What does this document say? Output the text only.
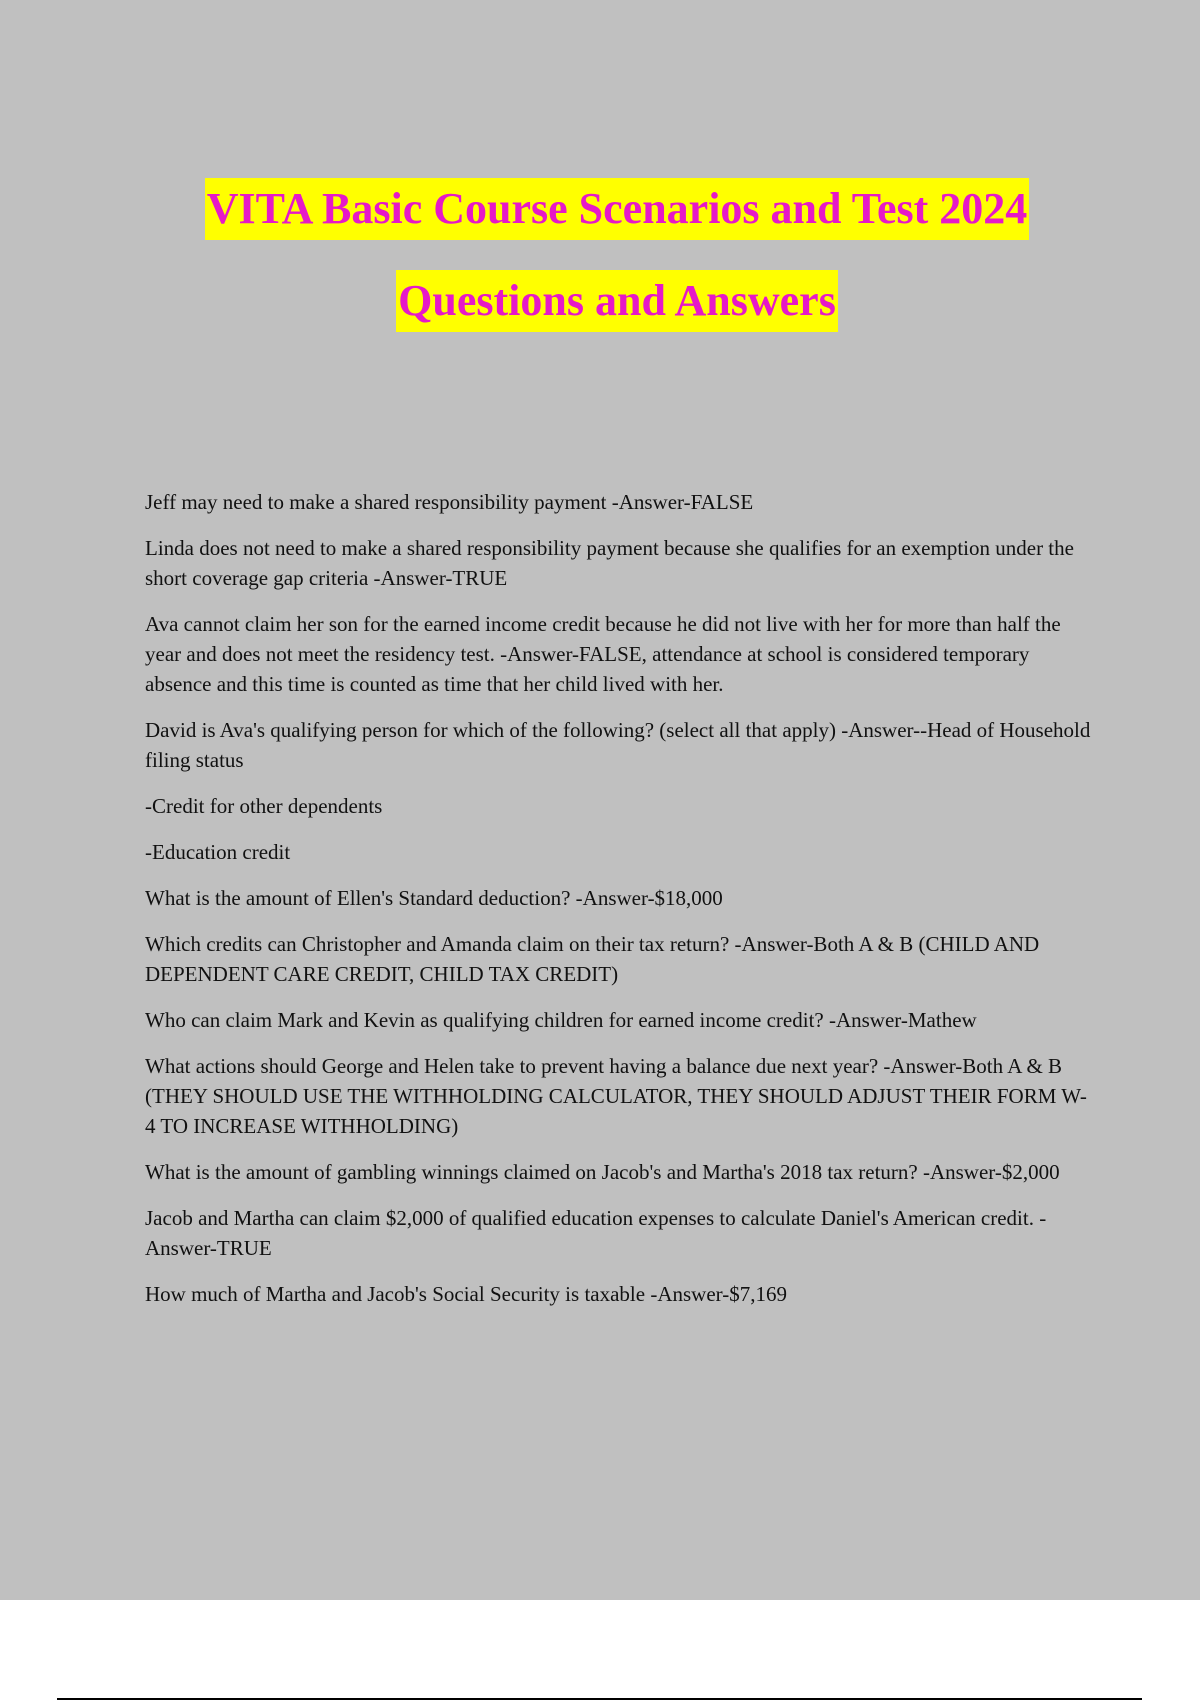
VITA Basic Course Scenarios and Test 2024
Questions and Answers
Jeff may need to make a shared responsibility payment -Answer-FALSE
Linda does not need to make a shared responsibility payment because she qualifies for an exemption under the short coverage gap criteria -Answer-TRUE
Ava cannot claim her son for the earned income credit because he did not live with her for more than half the year and does not meet the residency test. -Answer-FALSE, attendance at school is considered temporary absence and this time is counted as time that her child lived with her.
David is Ava's qualifying person for which of the following? (select all that apply) -Answer--Head of Household filing status
-Credit for other dependents
-Education credit
What is the amount of Ellen's Standard deduction? -Answer-$18,000
Which credits can Christopher and Amanda claim on their tax return? -Answer-Both A & B (CHILD AND DEPENDENT CARE CREDIT, CHILD TAX CREDIT)
Who can claim Mark and Kevin as qualifying children for earned income credit? -Answer-Mathew
What actions should George and Helen take to prevent having a balance due next year? -Answer-Both A & B (THEY SHOULD USE THE WITHHOLDING CALCULATOR, THEY SHOULD ADJUST THEIR FORM W-4 TO INCREASE WITHHOLDING)
What is the amount of gambling winnings claimed on Jacob's and Martha's 2018 tax return? -Answer-$2,000
Jacob and Martha can claim $2,000 of qualified education expenses to calculate Daniel's American credit. -Answer-TRUE
How much of Martha and Jacob's Social Security is taxable -Answer-$7,169
